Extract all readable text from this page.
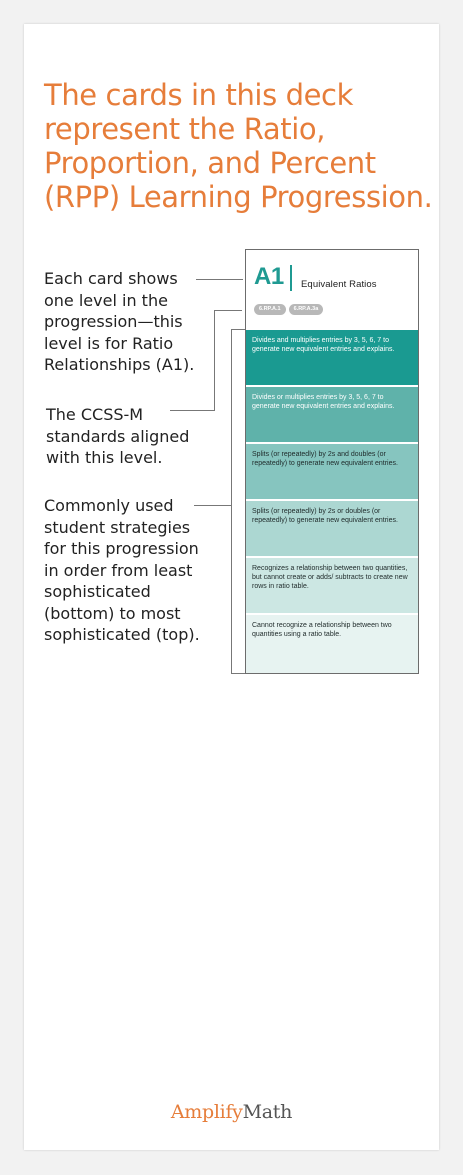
The cards in this deck represent the Ratio, Proportion, and Percent (RPP) Learning Progression.
Each card shows one level in the progression—this level is for Ratio Relationships (A1).
The CCSS-M standards aligned with this level.
Commonly used student strategies for this progression in order from least sophisticated (bottom) to most sophisticated (top).
A1 Equivalent Ratios
6.RP.A.1	6.RP.A.3a
Divides and multiplies entries by 3, 5, 6, 7 to generate new equivalent entries and explains.
Divides or multiplies entries by 3, 5, 6, 7 to generate new equivalent entries and explains.
Splits (or repeatedly) by 2s and doubles (or repeatedly) to generate new equivalent entries.
Splits (or repeatedly) by 2s or doubles (or repeatedly) to generate new equivalent entries.
Recognizes a relationship between two quantities, but cannot create or adds/ subtracts to create new rows in ratio table.
Cannot recognize a relationship between two quantities using a ratio table.
AmplifyMath
